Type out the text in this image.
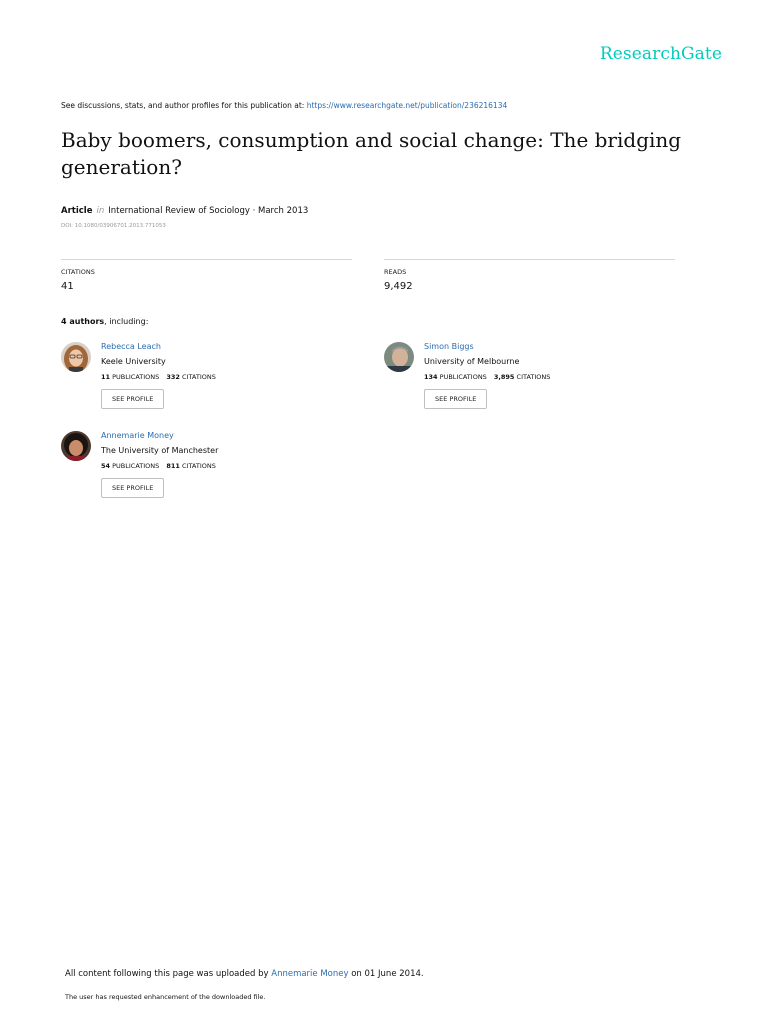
ResearchGate
See discussions, stats, and author profiles for this publication at: https://www.researchgate.net/publication/236216134
Baby boomers, consumption and social change: The bridging generation?
Article in International Review of Sociology · March 2013
DOI: 10.1080/03906701.2013.771053
CITATIONS
41
READS
9,492
4 authors, including:
Rebecca Leach
Keele University
11 PUBLICATIONS 332 CITATIONS
SEE PROFILE
Simon Biggs
University of Melbourne
134 PUBLICATIONS 3,895 CITATIONS
SEE PROFILE
Annemarie Money
The University of Manchester
54 PUBLICATIONS 811 CITATIONS
SEE PROFILE
All content following this page was uploaded by Annemarie Money on 01 June 2014.
The user has requested enhancement of the downloaded file.
